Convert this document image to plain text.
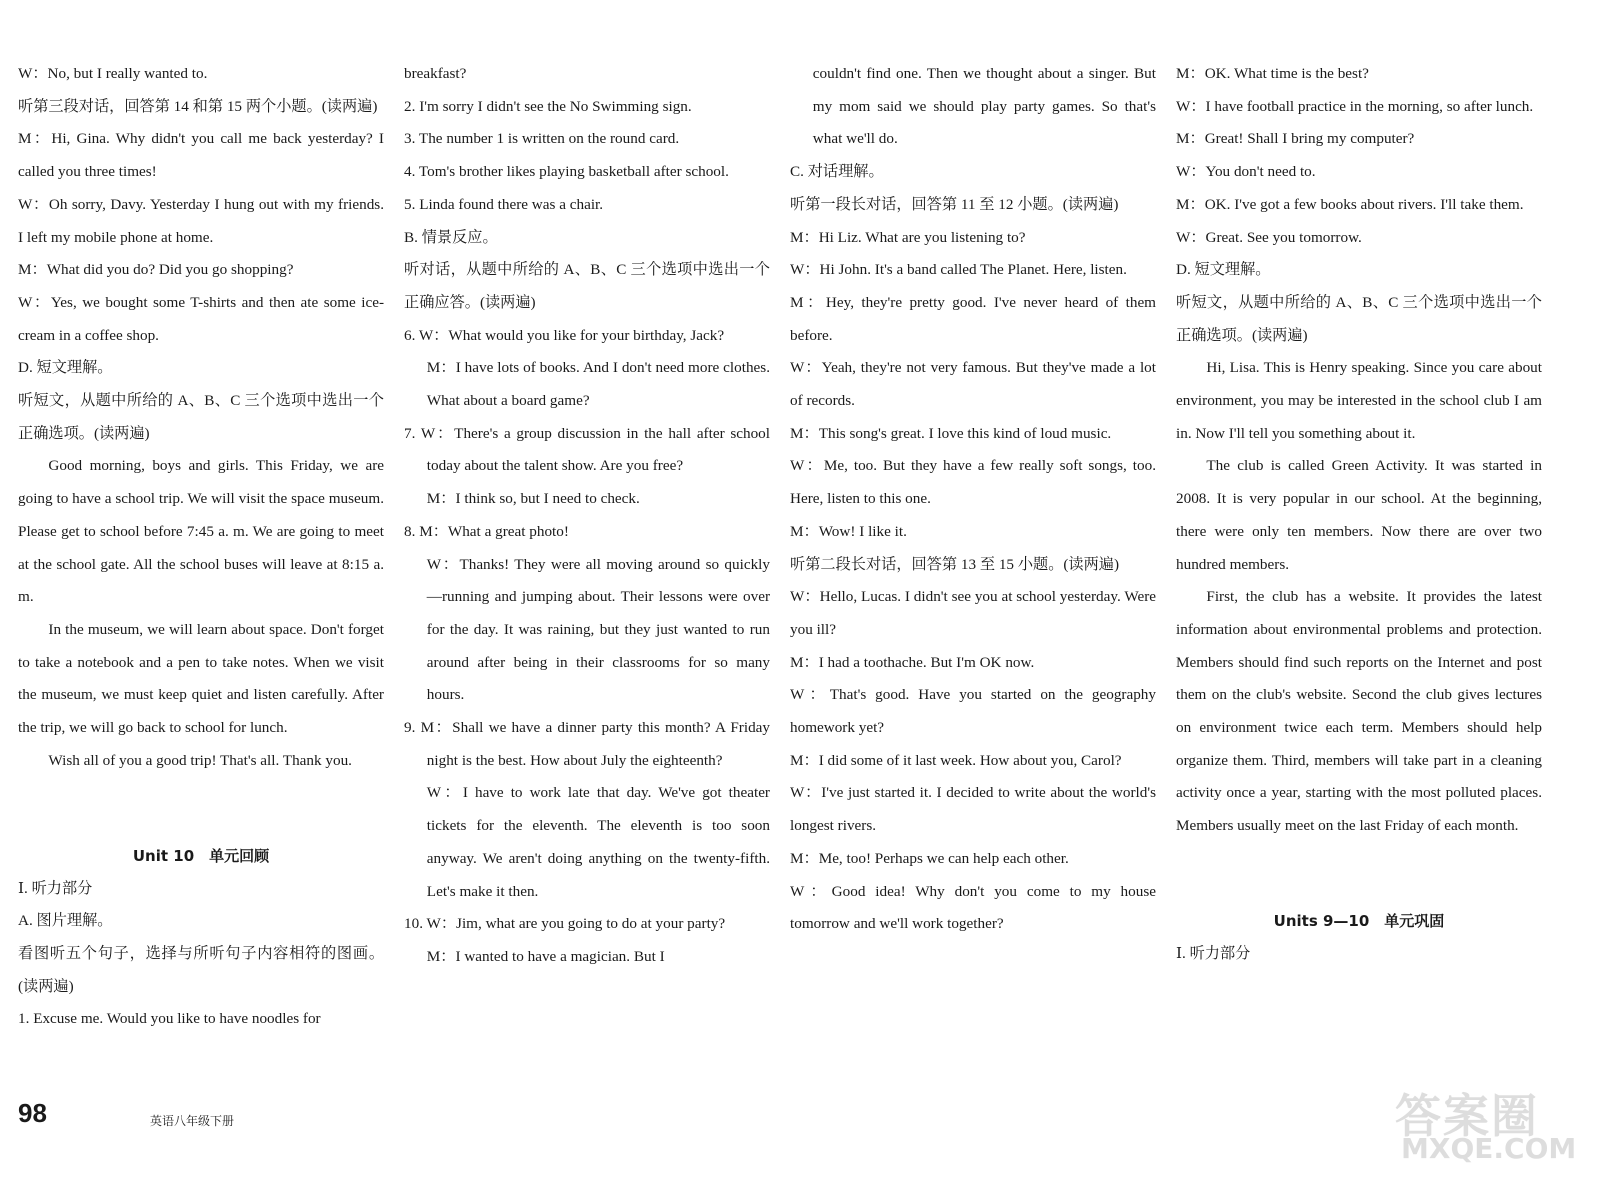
W：No, but I really wanted to.

听第三段对话，回答第 14 和第 15 两个小题。(读两遍)

M：Hi, Gina. Why didn't you call me back yesterday? I called you three times!

W：Oh sorry, Davy. Yesterday I hung out with my friends. I left my mobile phone at home.

M：What did you do? Did you go shopping?

W：Yes, we bought some T-shirts and then ate some ice-cream in a coffee shop.

D. 短文理解。

听短文，从题中所给的 A、B、C 三个选项中选出一个正确选项。(读两遍)

Good morning, boys and girls. This Friday, we are going to have a school trip. We will visit the space museum. Please get to school before 7:45 a. m. We are going to meet at the school gate. All the school buses will leave at 8:15 a. m.

In the museum, we will learn about space. Don't forget to take a notebook and a pen to take notes. When we visit the museum, we must keep quiet and listen carefully. After the trip, we will go back to school for lunch.

Wish all of you a good trip! That's all. Thank you.

Unit 10　单元回顾

Ⅰ. 听力部分

A. 图片理解。

看图听五个句子，选择与所听句子内容相符的图画。(读两遍)

1. Excuse me. Would you like to have noodles for

breakfast?

2. I'm sorry I didn't see the No Swimming sign.

3. The number 1 is written on the round card.

4. Tom's brother likes playing basketball after school.

5. Linda found there was a chair.

B. 情景反应。

听对话，从题中所给的 A、B、C 三个选项中选出一个正确应答。(读两遍)

6. W：What would you like for your birthday, Jack?

M：I have lots of books. And I don't need more clothes. What about a board game?

7. W：There's a group discussion in the hall after school today about the talent show. Are you free?

M：I think so, but I need to check.

8. M：What a great photo!

W：Thanks! They were all moving around so quickly—running and jumping about. Their lessons were over for the day. It was raining, but they just wanted to run around after being in their classrooms for so many hours.

9. M：Shall we have a dinner party this month? A Friday night is the best. How about July the eighteenth?

W：I have to work late that day. We've got theater tickets for the eleventh. The eleventh is too soon anyway. We aren't doing anything on the twenty-fifth. Let's make it then.

10. W：Jim, what are you going to do at your party?

M：I wanted to have a magician. But I

couldn't find one. Then we thought about a singer. But my mom said we should play party games. So that's what we'll do.

C. 对话理解。

听第一段长对话，回答第 11 至 12 小题。(读两遍)

M：Hi Liz. What are you listening to?

W：Hi John. It's a band called The Planet. Here, listen.

M：Hey, they're pretty good. I've never heard of them before.

W：Yeah, they're not very famous. But they've made a lot of records.

M：This song's great. I love this kind of loud music.

W：Me, too. But they have a few really soft songs, too. Here, listen to this one.

M：Wow! I like it.

听第二段长对话，回答第 13 至 15 小题。(读两遍)

W：Hello, Lucas. I didn't see you at school yesterday. Were you ill?

M：I had a toothache. But I'm OK now.

W：That's good. Have you started on the geography homework yet?

M：I did some of it last week. How about you, Carol?

W：I've just started it. I decided to write about the world's longest rivers.

M：Me, too! Perhaps we can help each other.

W：Good idea! Why don't you come to my house tomorrow and we'll work together?

M：OK. What time is the best?

W：I have football practice in the morning, so after lunch.

M：Great! Shall I bring my computer?

W：You don't need to.

M：OK. I've got a few books about rivers. I'll take them.

W：Great. See you tomorrow.

D. 短文理解。

听短文，从题中所给的 A、B、C 三个选项中选出一个正确选项。(读两遍)

Hi, Lisa. This is Henry speaking. Since you care about environment, you may be interested in the school club I am in. Now I'll tell you something about it.

The club is called Green Activity. It was started in 2008. It is very popular in our school. At the beginning, there were only ten members. Now there are over two hundred members.

First, the club has a website. It provides the latest information about environmental problems and protection. Members should find such reports on the Internet and post them on the club's website. Second the club gives lectures on environment twice each term. Members should help organize them. Third, members will take part in a cleaning activity once a year, starting with the most polluted places. Members usually meet on the last Friday of each month.

Units 9—10　单元巩固

Ⅰ. 听力部分

98	英语八年级下册	答案圈
MXQE.COM
